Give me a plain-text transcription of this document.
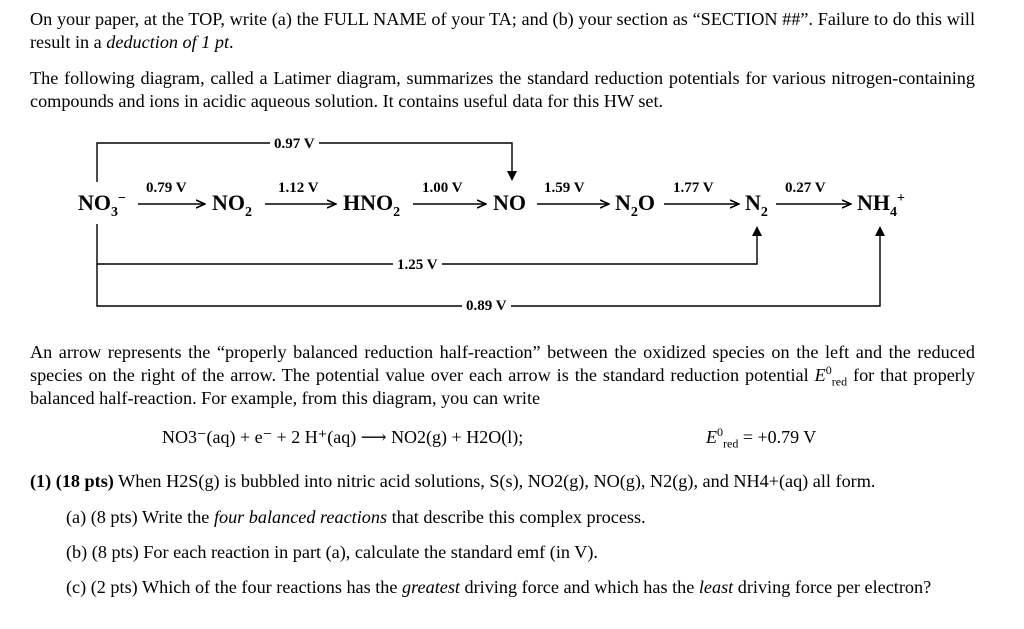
On your paper, at the TOP, write (a) the FULL NAME of your TA; and (b) your section as “SECTION ##”. Failure to do this will result in a deduction of 1 pt.
The following diagram, called a Latimer diagram, summarizes the standard reduction potentials for various nitrogen-containing compounds and ions in acidic aqueous solution. It contains useful data for this HW set.
0.97 V
1.25 V
0.89 V
0.79 V	1.12 V	1.00 V	1.59 V	1.77 V	0.27 V
$NO_3^-$	$NO_2$	$HNO_2$	NO	$N_2O$	$N_2$	$NH_4^+$
An arrow represents the “properly balanced reduction half-reaction” between the oxidized species on the left and the reduced species on the right of the arrow. The potential value over each arrow is the standard reduction potential $E^0_{red}$ for that properly balanced half-reaction. For example, from this diagram, you can write
NO3⁻(aq) + e⁻ + 2 H⁺(aq) ⟶ NO2(g) + H2O(l);	$E^0_{red} = +0.79$ V
(1) (18 pts) When H2S(g) is bubbled into nitric acid solutions, S(s), NO2(g), NO(g), N2(g), and NH4+(aq) all form.
(a) (8 pts) Write the four balanced reactions that describe this complex process.
(b) (8 pts) For each reaction in part (a), calculate the standard emf (in V).
(c) (2 pts) Which of the four reactions has the greatest driving force and which has the least driving force per electron?
